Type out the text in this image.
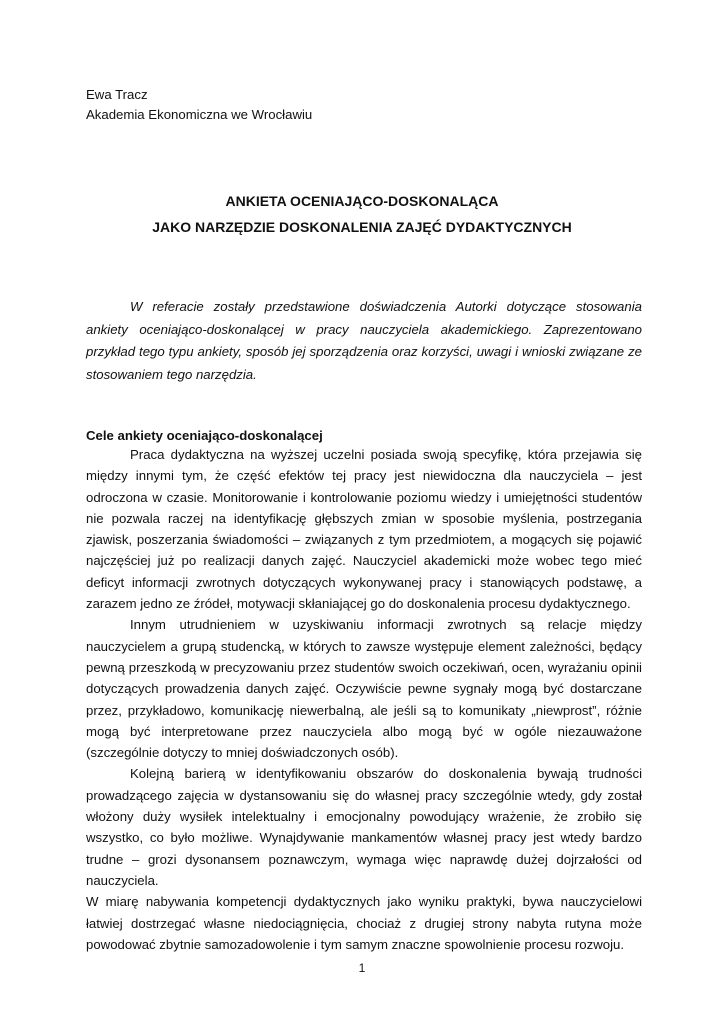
Ewa Tracz
Akademia Ekonomiczna we Wrocławiu
ANKIETA OCENIAJĄCO-DOSKONALĄCA
JAKO NARZĘDZIE DOSKONALENIA ZAJĘĆ DYDAKTYCZNYCH

W referacie zostały przedstawione doświadczenia Autorki dotyczące stosowania ankiety oceniająco-doskonalącej w pracy nauczyciela akademickiego. Zaprezentowano przykład tego typu ankiety, sposób jej sporządzenia oraz korzyści, uwagi i wnioski związane ze stosowaniem tego narzędzia.

Cele ankiety oceniająco-doskonalącej

Praca dydaktyczna na wyższej uczelni posiada swoją specyfikę, która przejawia się między innymi tym, że część efektów tej pracy jest niewidoczna dla nauczyciela – jest odroczona w czasie. Monitorowanie i kontrolowanie poziomu wiedzy i umiejętności studentów nie pozwala raczej na identyfikację głębszych zmian w sposobie myślenia, postrzegania zjawisk, poszerzania świadomości – związanych z tym przedmiotem, a mogących się pojawić najczęściej już po realizacji danych zajęć. Nauczyciel akademicki może wobec tego mieć deficyt informacji zwrotnych dotyczących wykonywanej pracy i stanowiących podstawę, a zarazem jedno ze źródeł, motywacji skłaniającej go do doskonalenia procesu dydaktycznego.

Innym utrudnieniem w uzyskiwaniu informacji zwrotnych są relacje między nauczycielem a grupą studencką, w których to zawsze występuje element zależności, będący pewną przeszkodą w precyzowaniu przez studentów swoich oczekiwań, ocen, wyrażaniu opinii dotyczących prowadzenia danych zajęć. Oczywiście pewne sygnały mogą być dostarczane przez, przykładowo, komunikację niewerbalną, ale jeśli są to komunikaty „niewprost”, różnie mogą być interpretowane przez nauczyciela albo mogą być w ogóle niezauważone (szczególnie dotyczy to mniej doświadczonych osób).

Kolejną barierą w identyfikowaniu obszarów do doskonalenia bywają trudności prowadzącego zajęcia w dystansowaniu się do własnej pracy szczególnie wtedy, gdy został włożony duży wysiłek intelektualny i emocjonalny powodujący wrażenie, że zrobiło się wszystko, co było możliwe. Wynajdywanie mankamentów własnej pracy jest wtedy bardzo trudne – grozi dysonansem poznawczym, wymaga więc naprawdę dużej dojrzałości od nauczyciela.

W miarę nabywania kompetencji dydaktycznych jako wyniku praktyki, bywa nauczycielowi łatwiej dostrzegać własne niedociągnięcia, chociaż z drugiej strony nabyta rutyna może powodować zbytnie samozadowolenie i tym samym znaczne spowolnienie procesu rozwoju.

1
